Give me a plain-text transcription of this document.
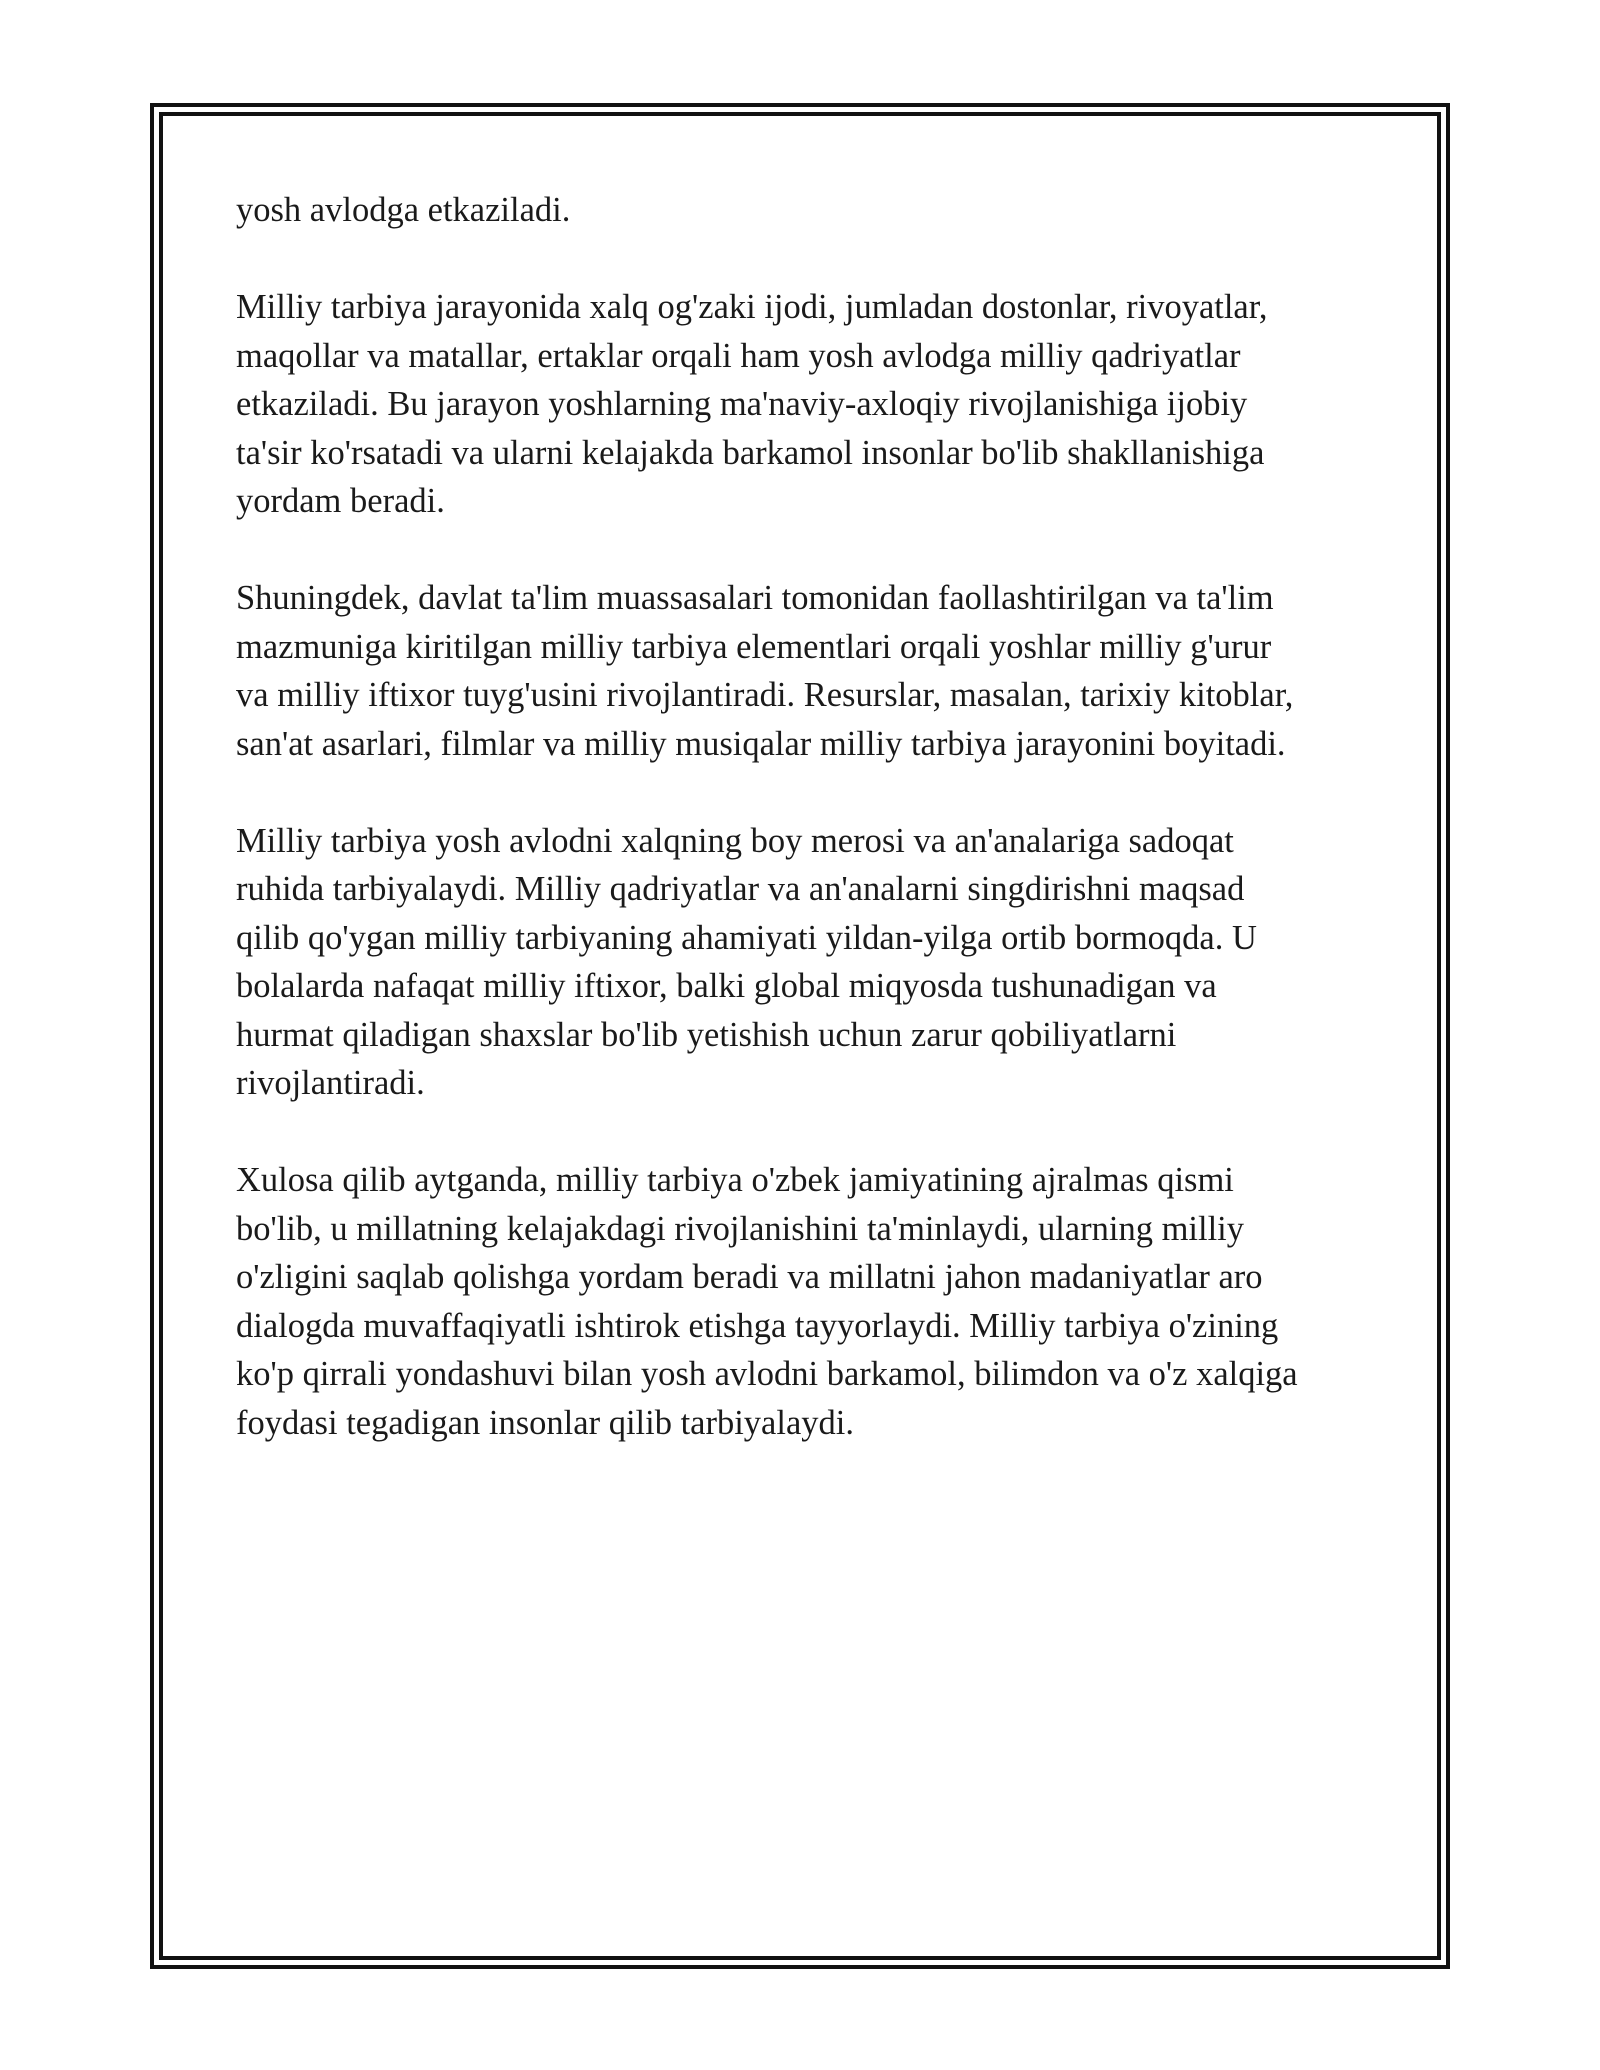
yosh avlodga etkaziladi.

Milliy tarbiya jarayonida xalq og'zaki ijodi, jumladan dostonlar, rivoyatlar,
maqollar va matallar, ertaklar orqali ham yosh avlodga milliy qadriyatlar
etkaziladi. Bu jarayon yoshlarning ma'naviy-axloqiy rivojlanishiga ijobiy
ta'sir ko'rsatadi va ularni kelajakda barkamol insonlar bo'lib shakllanishiga
yordam beradi.

Shuningdek, davlat ta'lim muassasalari tomonidan faollashtirilgan va ta'lim
mazmuniga kiritilgan milliy tarbiya elementlari orqali yoshlar milliy g'urur
va milliy iftixor tuyg'usini rivojlantiradi. Resurslar, masalan, tarixiy kitoblar,
san'at asarlari, filmlar va milliy musiqalar milliy tarbiya jarayonini boyitadi.

Milliy tarbiya yosh avlodni xalqning boy merosi va an'analariga sadoqat
ruhida tarbiyalaydi. Milliy qadriyatlar va an'analarni singdirishni maqsad
qilib qo'ygan milliy tarbiyaning ahamiyati yildan-yilga ortib bormoqda. U
bolalarda nafaqat milliy iftixor, balki global miqyosda tushunadigan va
hurmat qiladigan shaxslar bo'lib yetishish uchun zarur qobiliyatlarni
rivojlantiradi.

Xulosa qilib aytganda, milliy tarbiya o'zbek jamiyatining ajralmas qismi
bo'lib, u millatning kelajakdagi rivojlanishini ta'minlaydi, ularning milliy
o'zligini saqlab qolishga yordam beradi va millatni jahon madaniyatlar aro
dialogda muvaffaqiyatli ishtirok etishga tayyorlaydi. Milliy tarbiya o'zining
ko'p qirrali yondashuvi bilan yosh avlodni barkamol, bilimdon va o'z xalqiga
foydasi tegadigan insonlar qilib tarbiyalaydi.
